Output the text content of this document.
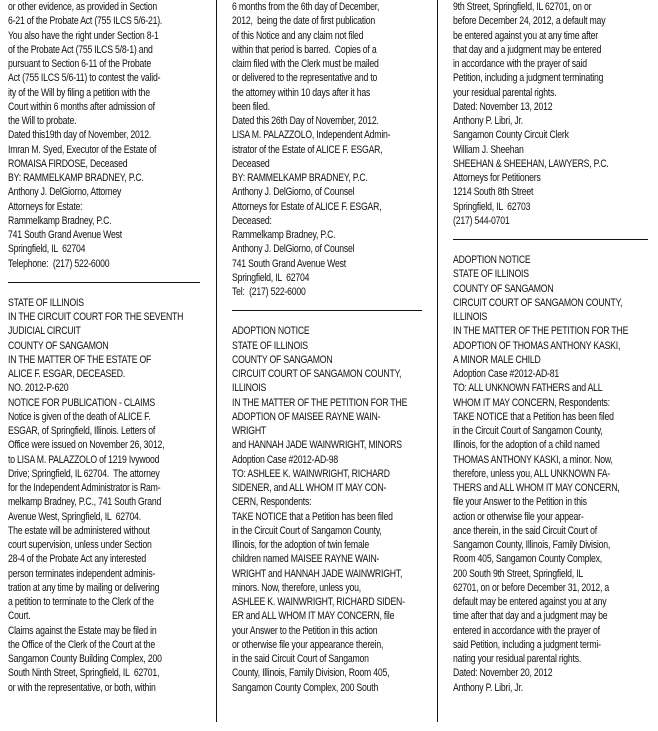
or other evidence, as provided in Section
6-21 of the Probate Act (755 ILCS 5/6-21).
You also have the right under Section 8-1
of the Probate Act (755 ILCS 5/8-1) and
pursuant to Section 6-11 of the Probate
Act (755 ILCS 5/6-11) to contest the valid-
ity of the Will by filing a petition with the
Court within 6 months after admission of
the Will to probate.
Dated this19th day of November, 2012.
Imran M. Syed, Executor of the Estate of
ROMAISA FIRDOSE, Deceased
BY: RAMMELKAMP BRADNEY, P.C.
Anthony J. DelGiorno, Attorney
Attorneys for Estate:
Rammelkamp Bradney, P.C.
741 South Grand Avenue West
Springfield, IL  62704
Telephone:  (217) 522-6000
STATE OF ILLINOIS
IN THE CIRCUIT COURT FOR THE SEVENTH
JUDICIAL CIRCUIT
COUNTY OF SANGAMON
IN THE MATTER OF THE ESTATE OF
ALICE F. ESGAR, DECEASED.
NO. 2012-P-620
NOTICE FOR PUBLICATION - CLAIMS
Notice is given of the death of ALICE F.
ESGAR, of Springfield, Illinois. Letters of
Office were issued on November 26, 3012,
to LISA M. PALAZZOLO of 1219 Ivywood
Drive; Springfield, IL 62704.  The attorney
for the Independent Administrator is Ram-
melkamp Bradney, P.C., 741 South Grand
Avenue West, Springfield, IL  62704.
The estate will be administered without
court supervision, unless under Section
28-4 of the Probate Act any interested
person terminates independent adminis-
tration at any time by mailing or delivering
a petition to terminate to the Clerk of the
Court.
Claims against the Estate may be filed in
the Office of the Clerk of the Court at the
Sangamon County Building Complex, 200
South Ninth Street, Springfield, IL  62701,
or with the representative, or both, within
6 months from the 6th day of December,
2012,  being the date of first publication
of this Notice and any claim not filed
within that period is barred.  Copies of a
claim filed with the Clerk must be mailed
or delivered to the representative and to
the attorney within 10 days after it has
been filed.
Dated this 26th Day of November, 2012.
LISA M. PALAZZOLO, Independent Admin-
istrator of the Estate of ALICE F. ESGAR,
Deceased
BY: RAMMELKAMP BRADNEY, P.C.
Anthony J. DelGiorno, of Counsel
Attorneys for Estate of ALICE F. ESGAR,
Deceased:
Rammelkamp Bradney, P.C.
Anthony J. DelGiorno, of Counsel
741 South Grand Avenue West
Springfield, IL  62704
Tel:  (217) 522-6000
ADOPTION NOTICE
STATE OF ILLINOIS
COUNTY OF SANGAMON
CIRCUIT COURT OF SANGAMON COUNTY,
ILLINOIS
IN THE MATTER OF THE PETITION FOR THE
ADOPTION OF MAISEE RAYNE WAIN-
WRIGHT
and HANNAH JADE WAINWRIGHT, MINORS
Adoption Case #2012-AD-98
TO: ASHLEE K. WAINWRIGHT, RICHARD
SIDENER, and ALL WHOM IT MAY CON-
CERN, Respondents:
TAKE NOTICE that a Petition has been filed
in the Circuit Court of Sangamon County,
Illinois, for the adoption of twin female
children named MAISEE RAYNE WAIN-
WRIGHT and HANNAH JADE WAINWRIGHT,
minors. Now, therefore, unless you,
ASHLEE K. WAINWRIGHT, RICHARD SIDEN-
ER and ALL WHOM IT MAY CONCERN, file
your Answer to the Petition in this action
or otherwise file your appearance therein,
in the said Circuit Court of Sangamon
County, Illinois, Family Division, Room 405,
Sangamon County Complex, 200 South
9th Street, Springfield, IL 62701, on or
before December 24, 2012, a default may
be entered against you at any time after
that day and a judgment may be entered
in accordance with the prayer of said
Petition, including a judgment terminating
your residual parental rights.
Dated: November 13, 2012
Anthony P. Libri, Jr.
Sangamon County Circuit Clerk
William J. Sheehan
SHEEHAN & SHEEHAN, LAWYERS, P.C.
Attorneys for Petitioners
1214 South 8th Street
Springfield, IL  62703
(217) 544-0701
ADOPTION NOTICE
STATE OF ILLINOIS
COUNTY OF SANGAMON
CIRCUIT COURT OF SANGAMON COUNTY,
ILLINOIS
IN THE MATTER OF THE PETITION FOR THE
ADOPTION OF THOMAS ANTHONY KASKI,
A MINOR MALE CHILD
Adoption Case #2012-AD-81
TO: ALL UNKNOWN FATHERS and ALL
WHOM IT MAY CONCERN, Respondents:
TAKE NOTICE that a Petition has been filed
in the Circuit Court of Sangamon County,
Illinois, for the adoption of a child named
THOMAS ANTHONY KASKI, a minor. Now,
therefore, unless you, ALL UNKNOWN FA-
THERS and ALL WHOM IT MAY CONCERN,
file your Answer to the Petition in this
action or otherwise file your appear-
ance therein, in the said Circuit Court of
Sangamon County, Illinois, Family Division,
Room 405, Sangamon County Complex,
200 South 9th Street, Springfield, IL
62701, on or before December 31, 2012, a
default may be entered against you at any
time after that day and a judgment may be
entered in accordance with the prayer of
said Petition, including a judgment termi-
nating your residual parental rights.
Dated: November 20, 2012
Anthony P. Libri, Jr.
